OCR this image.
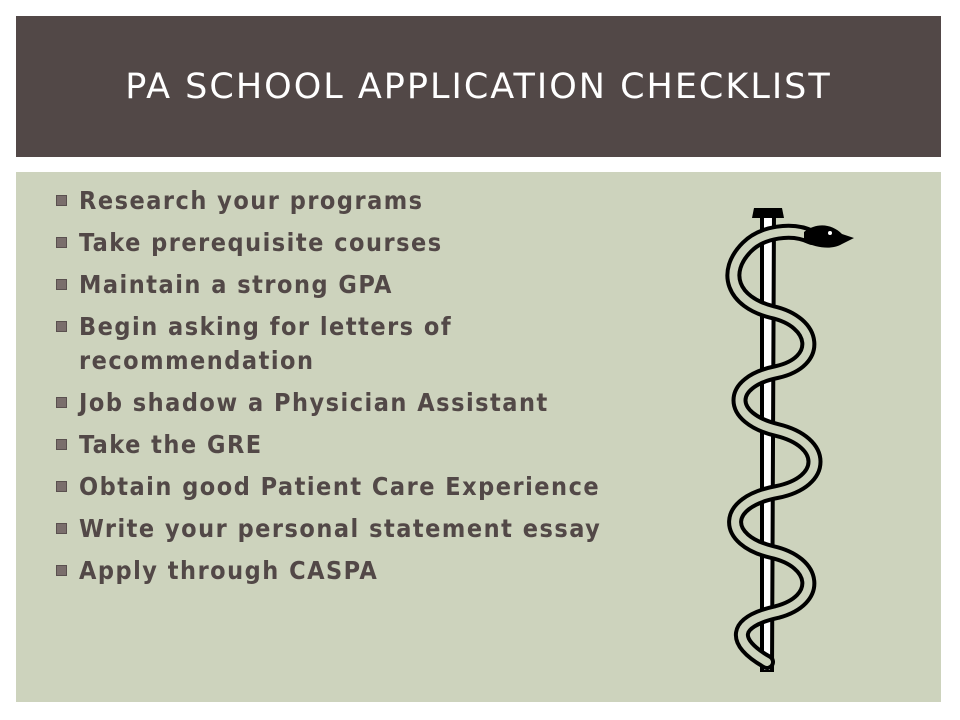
PA SCHOOL APPLICATION CHECKLIST
Research your programs
Take prerequisite courses
Maintain a strong GPA
Begin asking for letters of recommendation
Job shadow a Physician Assistant
Take the GRE
Obtain good Patient Care Experience
Write your personal statement essay
Apply through CASPA
